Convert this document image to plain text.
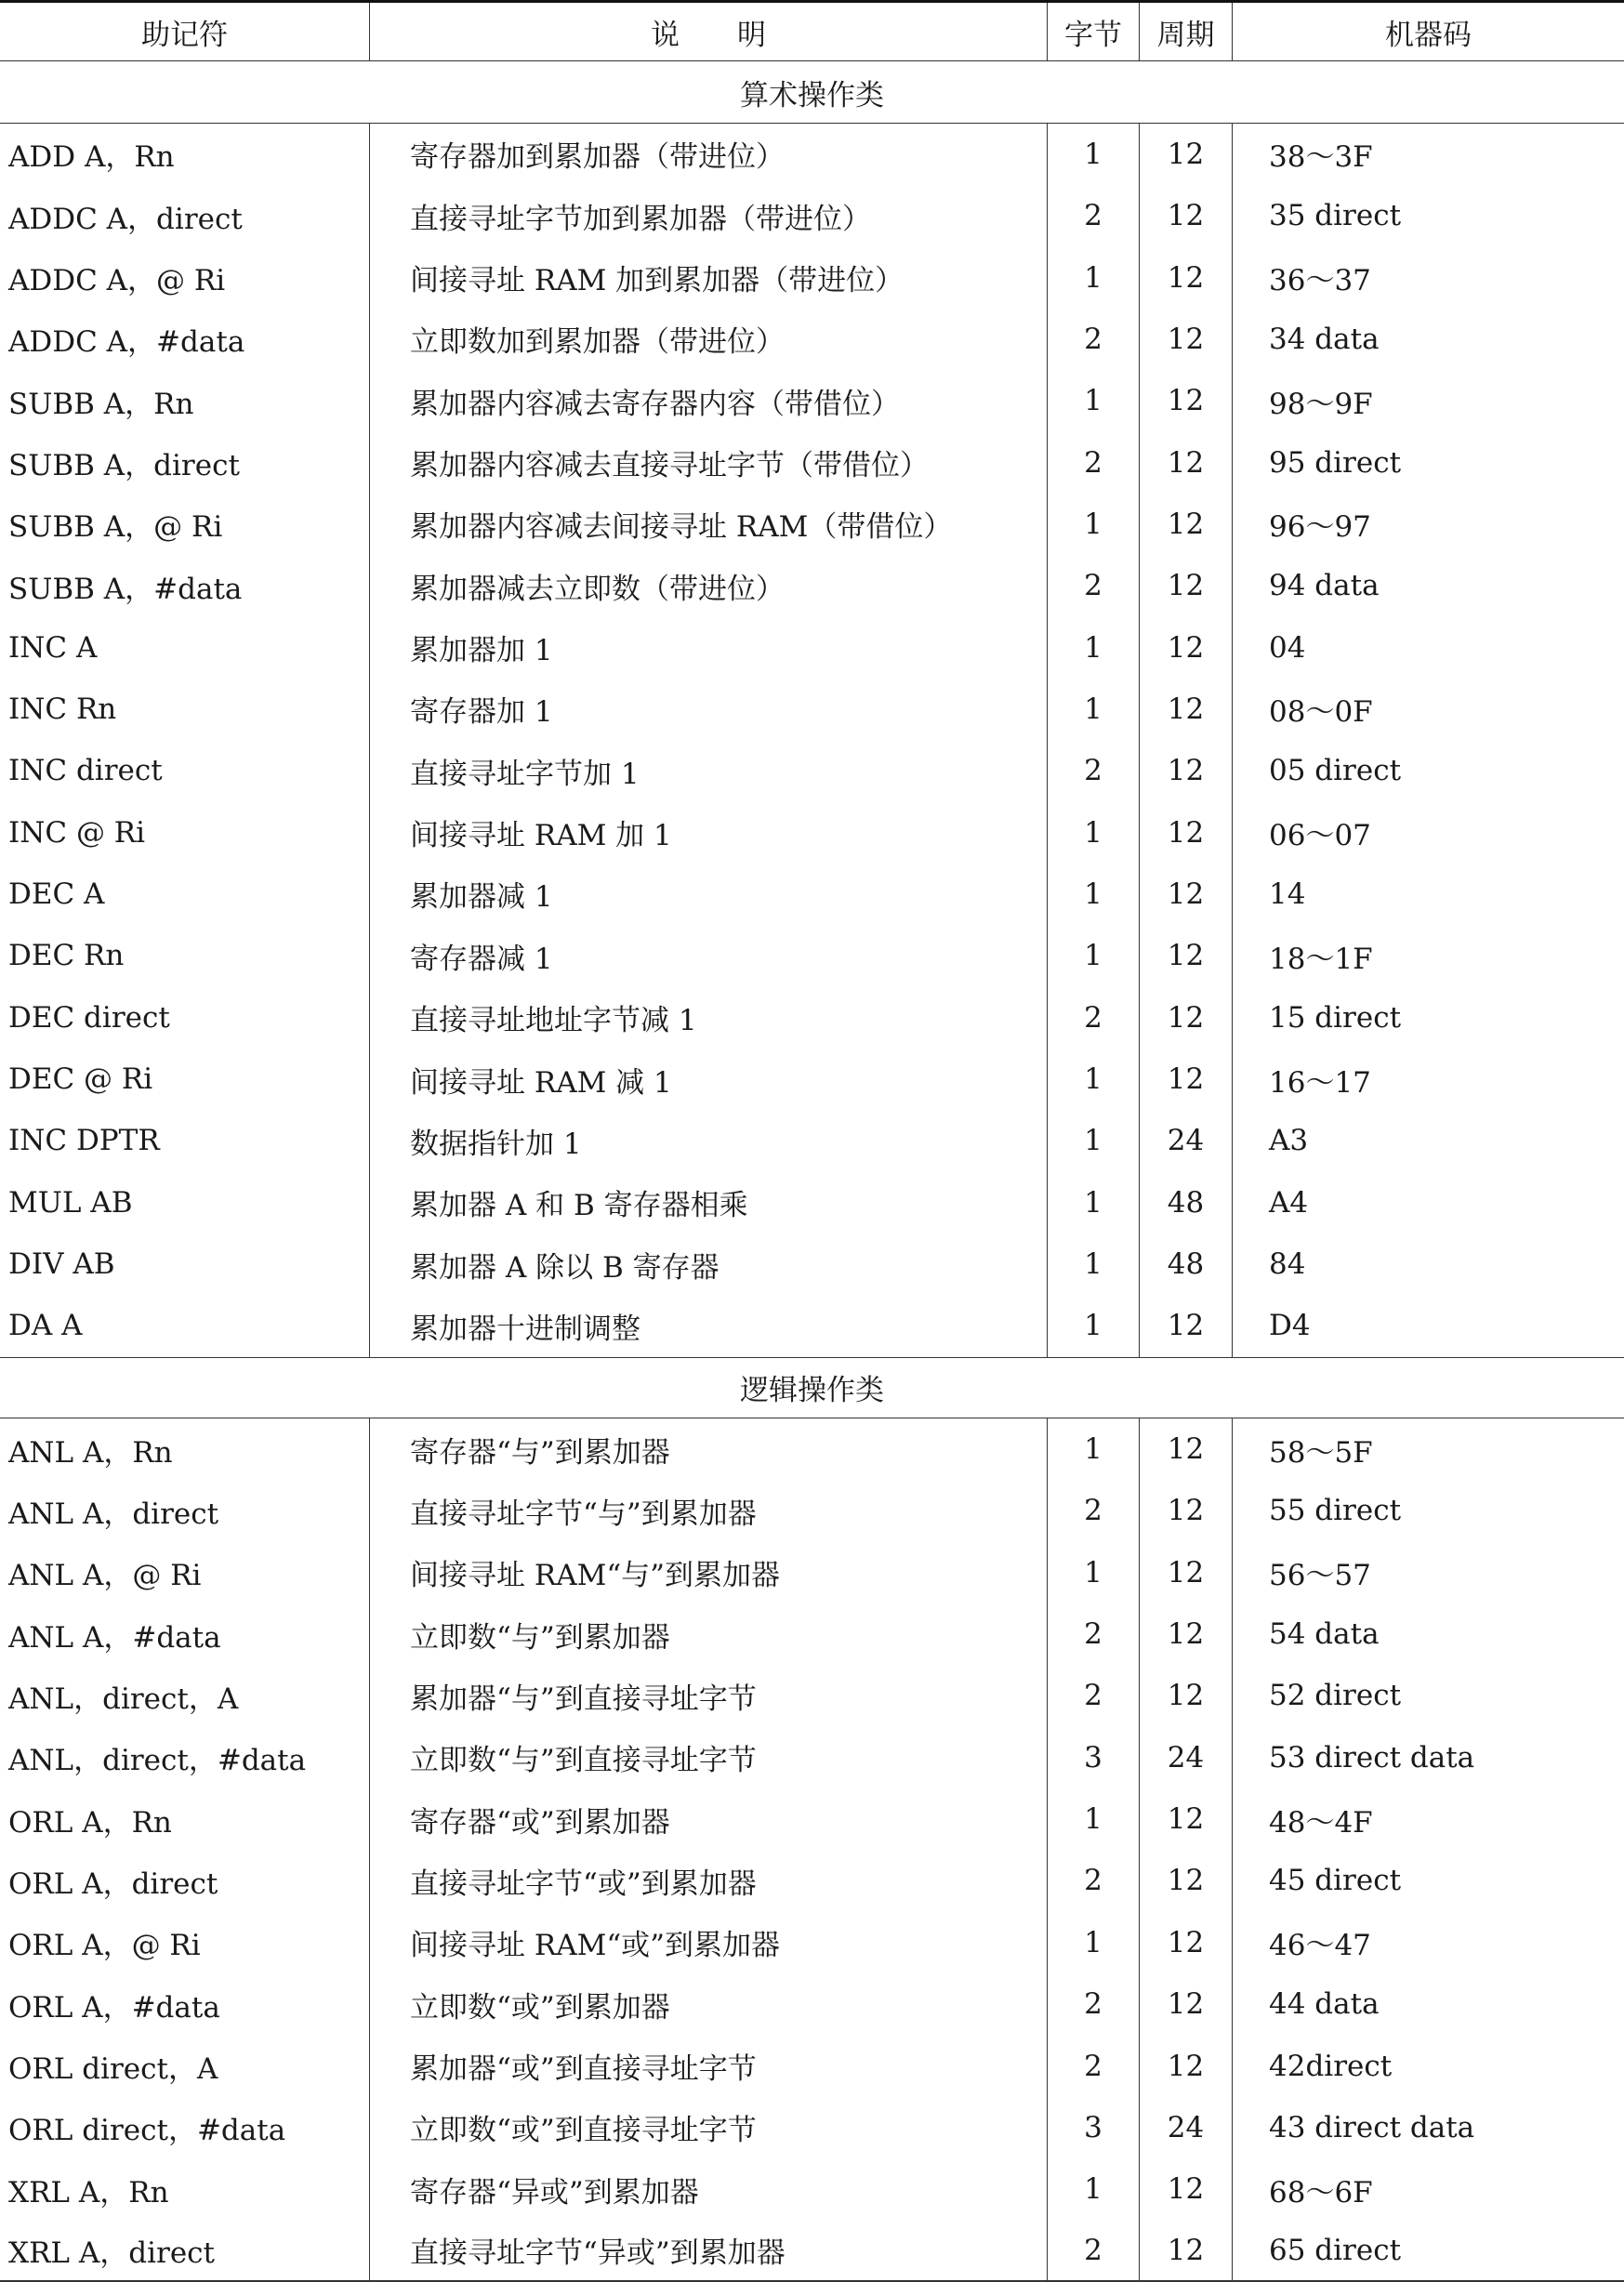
助记符	说　　明	字节	周期	机器码
算术操作类
ADD A，Rn	寄存器加到累加器（带进位）	1	12	38～3F
ADDC A，direct	直接寻址字节加到累加器（带进位）	2	12	35 direct
ADDC A，@ Ri	间接寻址 RAM 加到累加器（带进位）	1	12	36～37
ADDC A，#data	立即数加到累加器（带进位）	2	12	34 data
SUBB A，Rn	累加器内容减去寄存器内容（带借位）	1	12	98～9F
SUBB A，direct	累加器内容减去直接寻址字节（带借位）	2	12	95 direct
SUBB A，@ Ri	累加器内容减去间接寻址 RAM（带借位）	1	12	96～97
SUBB A，#data	累加器减去立即数（带进位）	2	12	94 data
INC A	累加器加 1	1	12	04
INC Rn	寄存器加 1	1	12	08～0F
INC direct	直接寻址字节加 1	2	12	05 direct
INC @ Ri	间接寻址 RAM 加 1	1	12	06～07
DEC A	累加器减 1	1	12	14
DEC Rn	寄存器减 1	1	12	18～1F
DEC direct	直接寻址地址字节减 1	2	12	15 direct
DEC @ Ri	间接寻址 RAM 减 1	1	12	16～17
INC DPTR	数据指针加 1	1	24	A3
MUL AB	累加器 A 和 B 寄存器相乘	1	48	A4
DIV AB	累加器 A 除以 B 寄存器	1	48	84
DA A	累加器十进制调整	1	12	D4
逻辑操作类
ANL A，Rn	寄存器“与”到累加器	1	12	58～5F
ANL A，direct	直接寻址字节“与”到累加器	2	12	55 direct
ANL A，@ Ri	间接寻址 RAM“与”到累加器	1	12	56～57
ANL A，#data	立即数“与”到累加器	2	12	54 data
ANL，direct，A	累加器“与”到直接寻址字节	2	12	52 direct
ANL，direct，#data	立即数“与”到直接寻址字节	3	24	53 direct data
ORL A，Rn	寄存器“或”到累加器	1	12	48～4F
ORL A，direct	直接寻址字节“或”到累加器	2	12	45 direct
ORL A，@ Ri	间接寻址 RAM“或”到累加器	1	12	46～47
ORL A，#data	立即数“或”到累加器	2	12	44 data
ORL direct，A	累加器“或”到直接寻址字节	2	12	42direct
ORL direct，#data	立即数“或”到直接寻址字节	3	24	43 direct data
XRL A，Rn	寄存器“异或”到累加器	1	12	68～6F
XRL A，direct	直接寻址字节“异或”到累加器	2	12	65 direct
